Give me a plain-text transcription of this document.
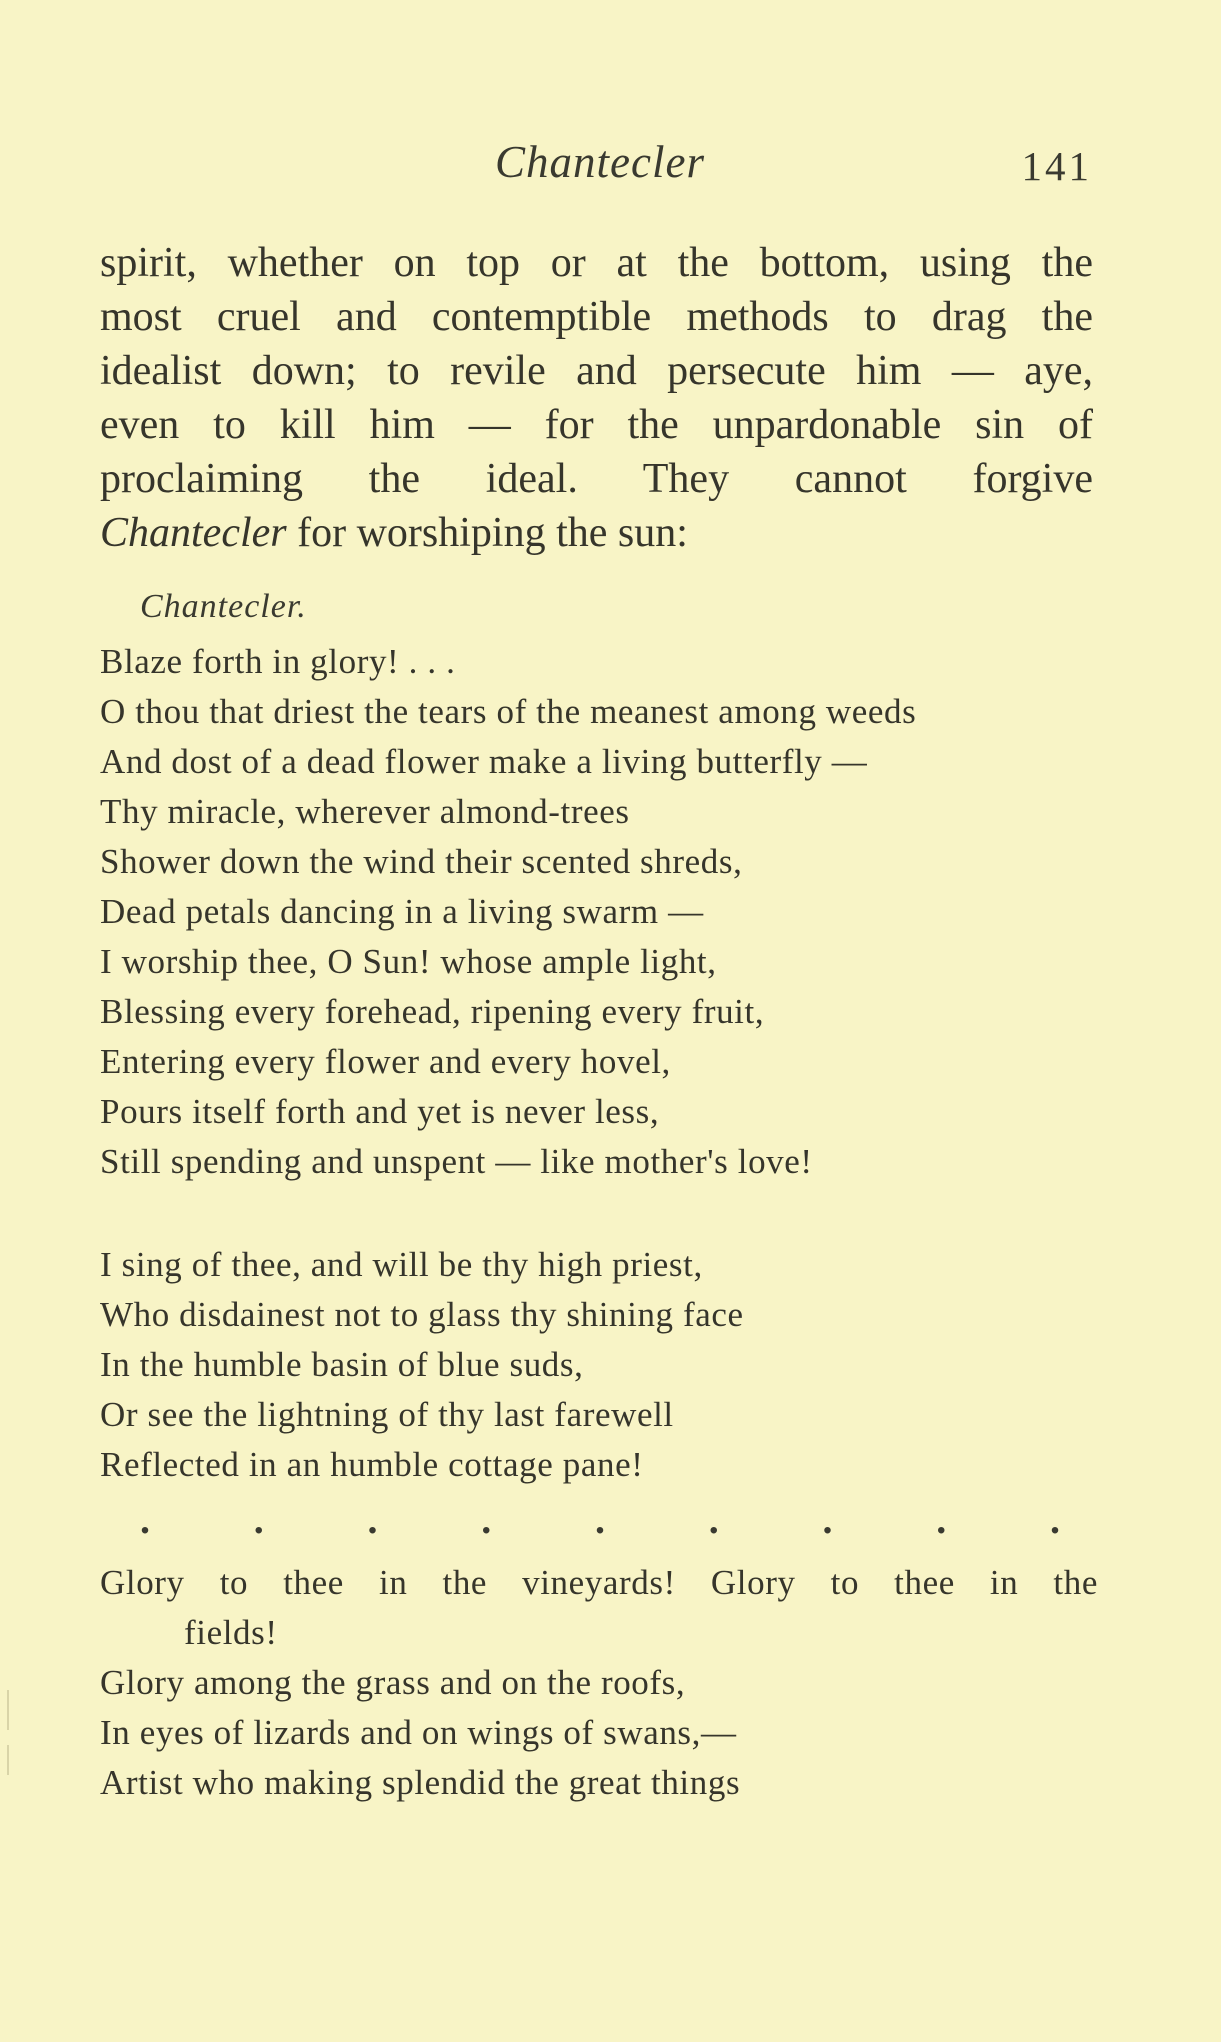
Chantecler	141
spirit, whether on top or at the bottom, using the
most cruel and contemptible methods to drag the
idealist down; to revile and persecute him — aye,
even to kill him — for the unpardonable sin of
proclaiming the ideal. They cannot forgive
Chantecler for worshiping the sun:
Chantecler.
Blaze forth in glory! . . .
O thou that driest the tears of the meanest among weeds
And dost of a dead flower make a living butterfly —
Thy miracle, wherever almond-trees
Shower down the wind their scented shreds,
Dead petals dancing in a living swarm —
I worship thee, O Sun! whose ample light,
Blessing every forehead, ripening every fruit,
Entering every flower and every hovel,
Pours itself forth and yet is never less,
Still spending and unspent — like mother's love!
I sing of thee, and will be thy high priest,
Who disdainest not to glass thy shining face
In the humble basin of blue suds,
Or see the lightning of thy last farewell
Reflected in an humble cottage pane!
.	.	.	.	.	.	.	.	.
Glory to thee in the vineyards! Glory to thee in the
fields!
Glory among the grass and on the roofs,
In eyes of lizards and on wings of swans,—
Artist who making splendid the great things
